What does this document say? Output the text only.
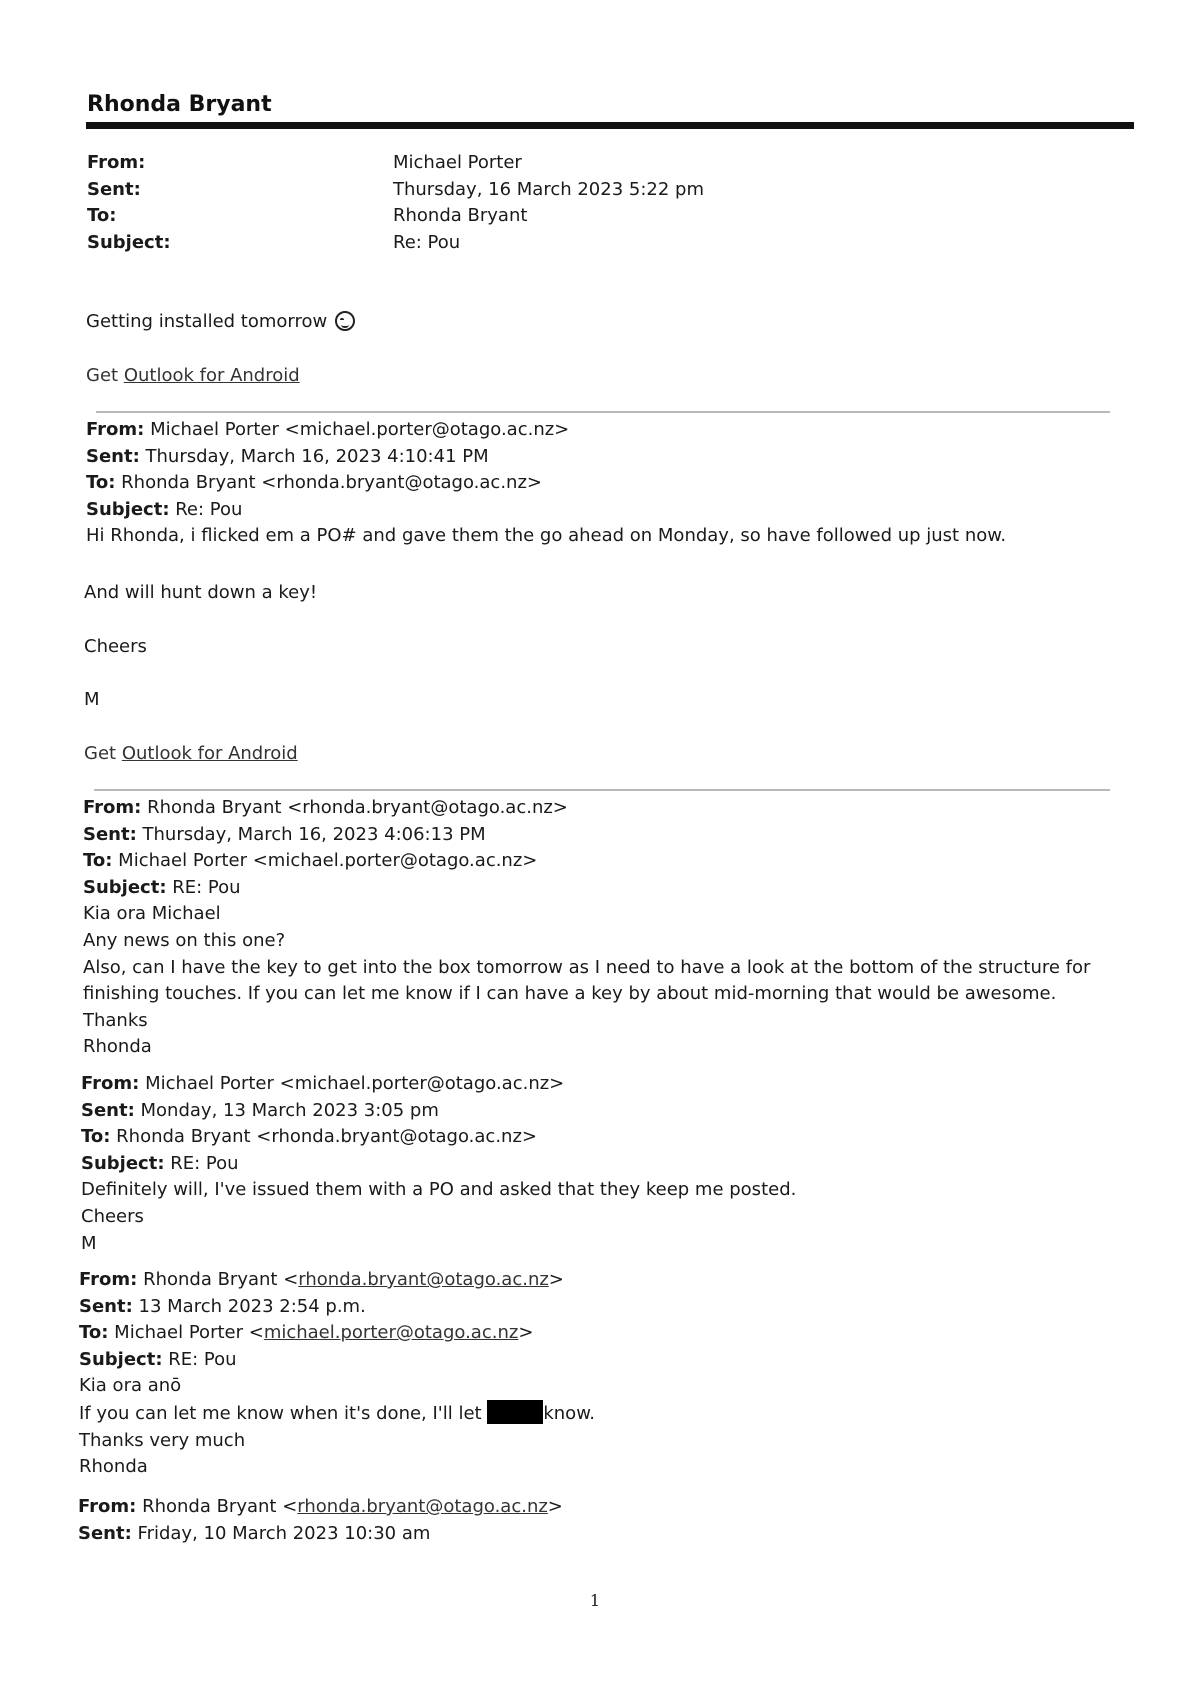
Rhonda Bryant
From:	Michael Porter
Sent:	Thursday, 16 March 2023 5:22 pm
To:	Rhonda Bryant
Subject:	Re: Pou
Getting installed tomorrow
Get Outlook for Android
From: Michael Porter <michael.porter@otago.ac.nz>
Sent: Thursday, March 16, 2023 4:10:41 PM
To: Rhonda Bryant <rhonda.bryant@otago.ac.nz>
Subject: Re: Pou
Hi Rhonda, i flicked em a PO# and gave them the go ahead on Monday, so have followed up just now.
And will hunt down a key!
Cheers
M
Get Outlook for Android
From: Rhonda Bryant <rhonda.bryant@otago.ac.nz>
Sent: Thursday, March 16, 2023 4:06:13 PM
To: Michael Porter <michael.porter@otago.ac.nz>
Subject: RE: Pou
Kia ora Michael
Any news on this one?
Also, can I have the key to get into the box tomorrow as I need to have a look at the bottom of the structure for
finishing touches. If you can let me know if I can have a key by about mid-morning that would be awesome.
Thanks
Rhonda
From: Michael Porter <michael.porter@otago.ac.nz>
Sent: Monday, 13 March 2023 3:05 pm
To: Rhonda Bryant <rhonda.bryant@otago.ac.nz>
Subject: RE: Pou
Definitely will, I've issued them with a PO and asked that they keep me posted.
Cheers
M
From: Rhonda Bryant <rhonda.bryant@otago.ac.nz>
Sent: 13 March 2023 2:54 p.m.
To: Michael Porter <michael.porter@otago.ac.nz>
Subject: RE: Pou
Kia ora anō
If you can let me know when it's done, I'll let	know.
Thanks very much
Rhonda
From: Rhonda Bryant <rhonda.bryant@otago.ac.nz>
Sent: Friday, 10 March 2023 10:30 am
1
